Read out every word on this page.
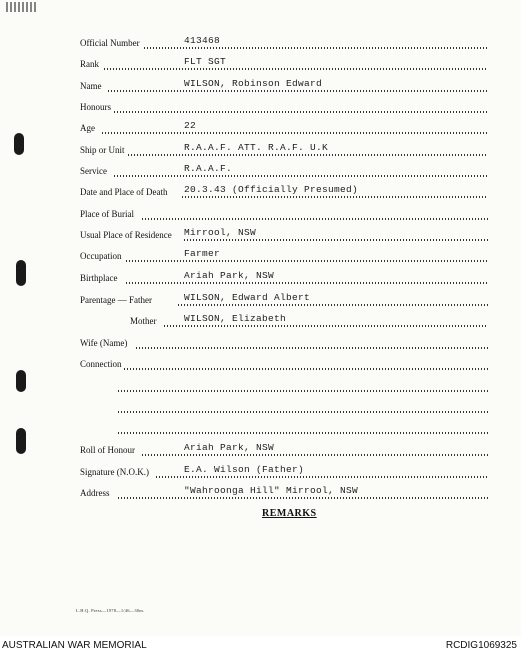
Official Number	413468
Rank	FLT SGT
Name	WILSON, Robinson Edward
Honours
Age	22
Ship or Unit	R.A.A.F. ATT. R.A.F. U.K
Service	R.A.A.F.
Date and Place of Death 20.3.43 (Officially Presumed)
Place of Burial
Usual Place of Residence Mirrool, NSW
Occupation	Farmer
Birthplace	Ariah Park, NSW
Parentage — Father	WILSON, Edward Albert
Mother	WILSON, Elizabeth
Wife (Name)
Connection
Roll of Honour	Ariah Park, NSW
Signature (N.O.K.)	E.A. Wilson (Father)
Address	"Wahroonga Hill" Mirrool, NSW
REMARKS
L.H.Q. Press—1978—1/46—30m.
AUSTRALIAN WAR MEMORIAL	RCDIG1069325
